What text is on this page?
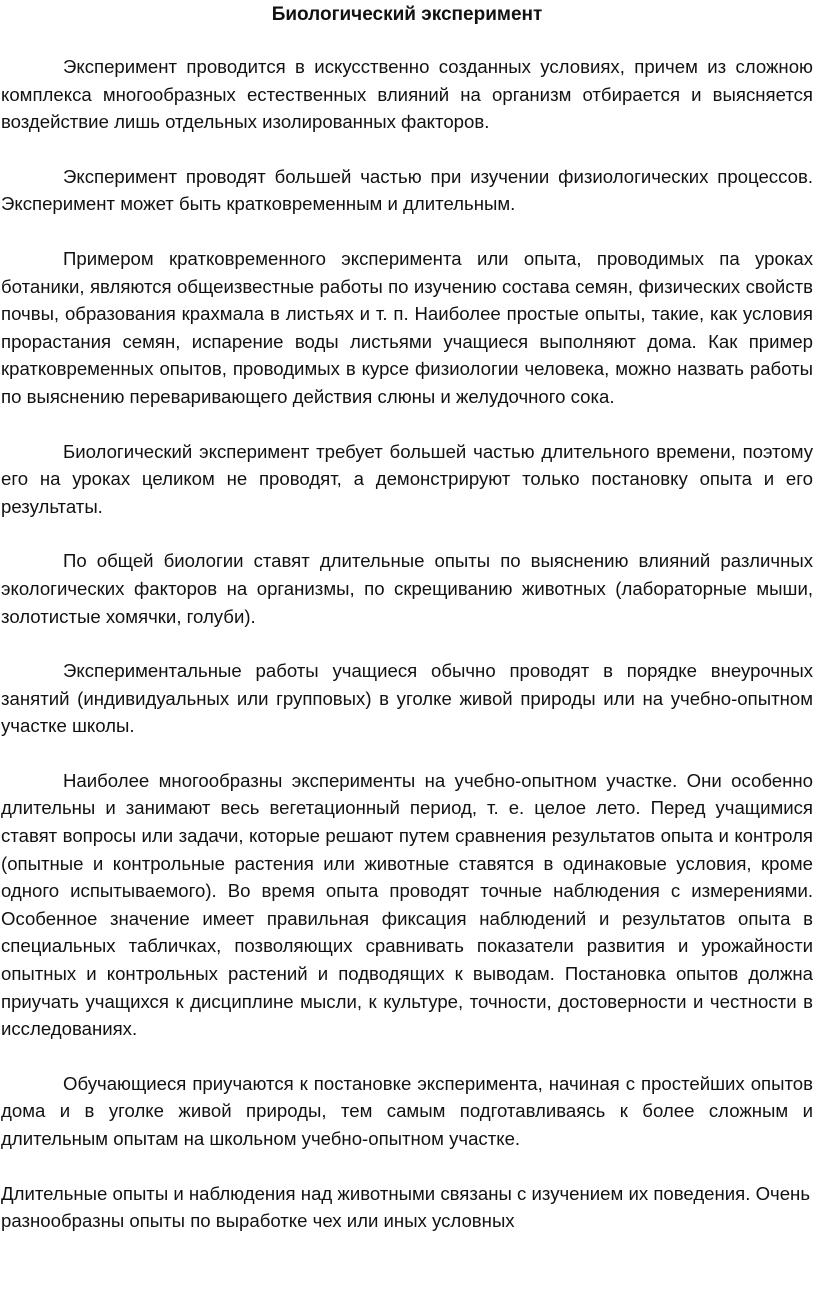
Биологический эксперимент

Эксперимент проводится в искусственно созданных условиях, причем из сложною комплекса многообразных естественных влияний на организм отбирается и выясняется воздействие лишь отдельных изолированных факторов.

Эксперимент проводят большей частью при изучении физиологических процессов. Эксперимент может быть кратковременным и длительным.

Примером кратковременного эксперимента или опыта, проводимых па уроках ботаники, являются общеизвестные работы по изучению состава семян, физических свойств почвы, образования крахмала в листьях и т. п. Наиболее простые опыты, такие, как условия прорастания семян, испарение воды листьями учащиеся выполняют дома. Как пример кратковременных опытов, проводимых в курсе физиологии человека, можно назвать работы по выяснению переваривающего действия слюны и желудочного сока.

Биологический эксперимент требует большей частью длительного времени, поэтому его на уроках целиком не проводят, а демонстрируют только постановку опыта и его результаты.

По общей биологии ставят длительные опыты по выяснению влияний различных экологических факторов на организмы, по скрещиванию животных (лабораторные мыши, золотистые хомячки, голуби).

Экспериментальные работы учащиеся обычно проводят в порядке внеурочных занятий (индивидуальных или групповых) в уголке живой природы или на учебно-опытном участке школы.

Наиболее многообразны эксперименты на учебно-опытном участке. Они особенно длительны и занимают весь вегетационный период, т. е. целое лето. Перед учащимися ставят вопросы или задачи, которые решают путем сравнения результатов опыта и контроля (опытные и контрольные растения или животные ставятся в одинаковые условия, кроме одного испытываемого). Во время опыта проводят точные наблюдения с измерениями. Особенное значение имеет правильная фиксация наблюдений и результатов опыта в специальных табличках, позволяющих сравнивать показатели развития и урожайности опытных и контрольных растений и подводящих к выводам. Постановка опытов должна приучать учащихся к дисциплине мысли, к культуре, точности, достоверности и честности в исследованиях.

Обучающиеся приучаются к постановке эксперимента, начиная с простейших опытов дома и в уголке живой природы, тем самым подготавливаясь к более сложным и длительным опытам на школьном учебно-опытном участке.

Длительные опыты и наблюдения над животными связаны с изучением их поведения. Очень разнообразны опыты по выработке чех или иных условных
